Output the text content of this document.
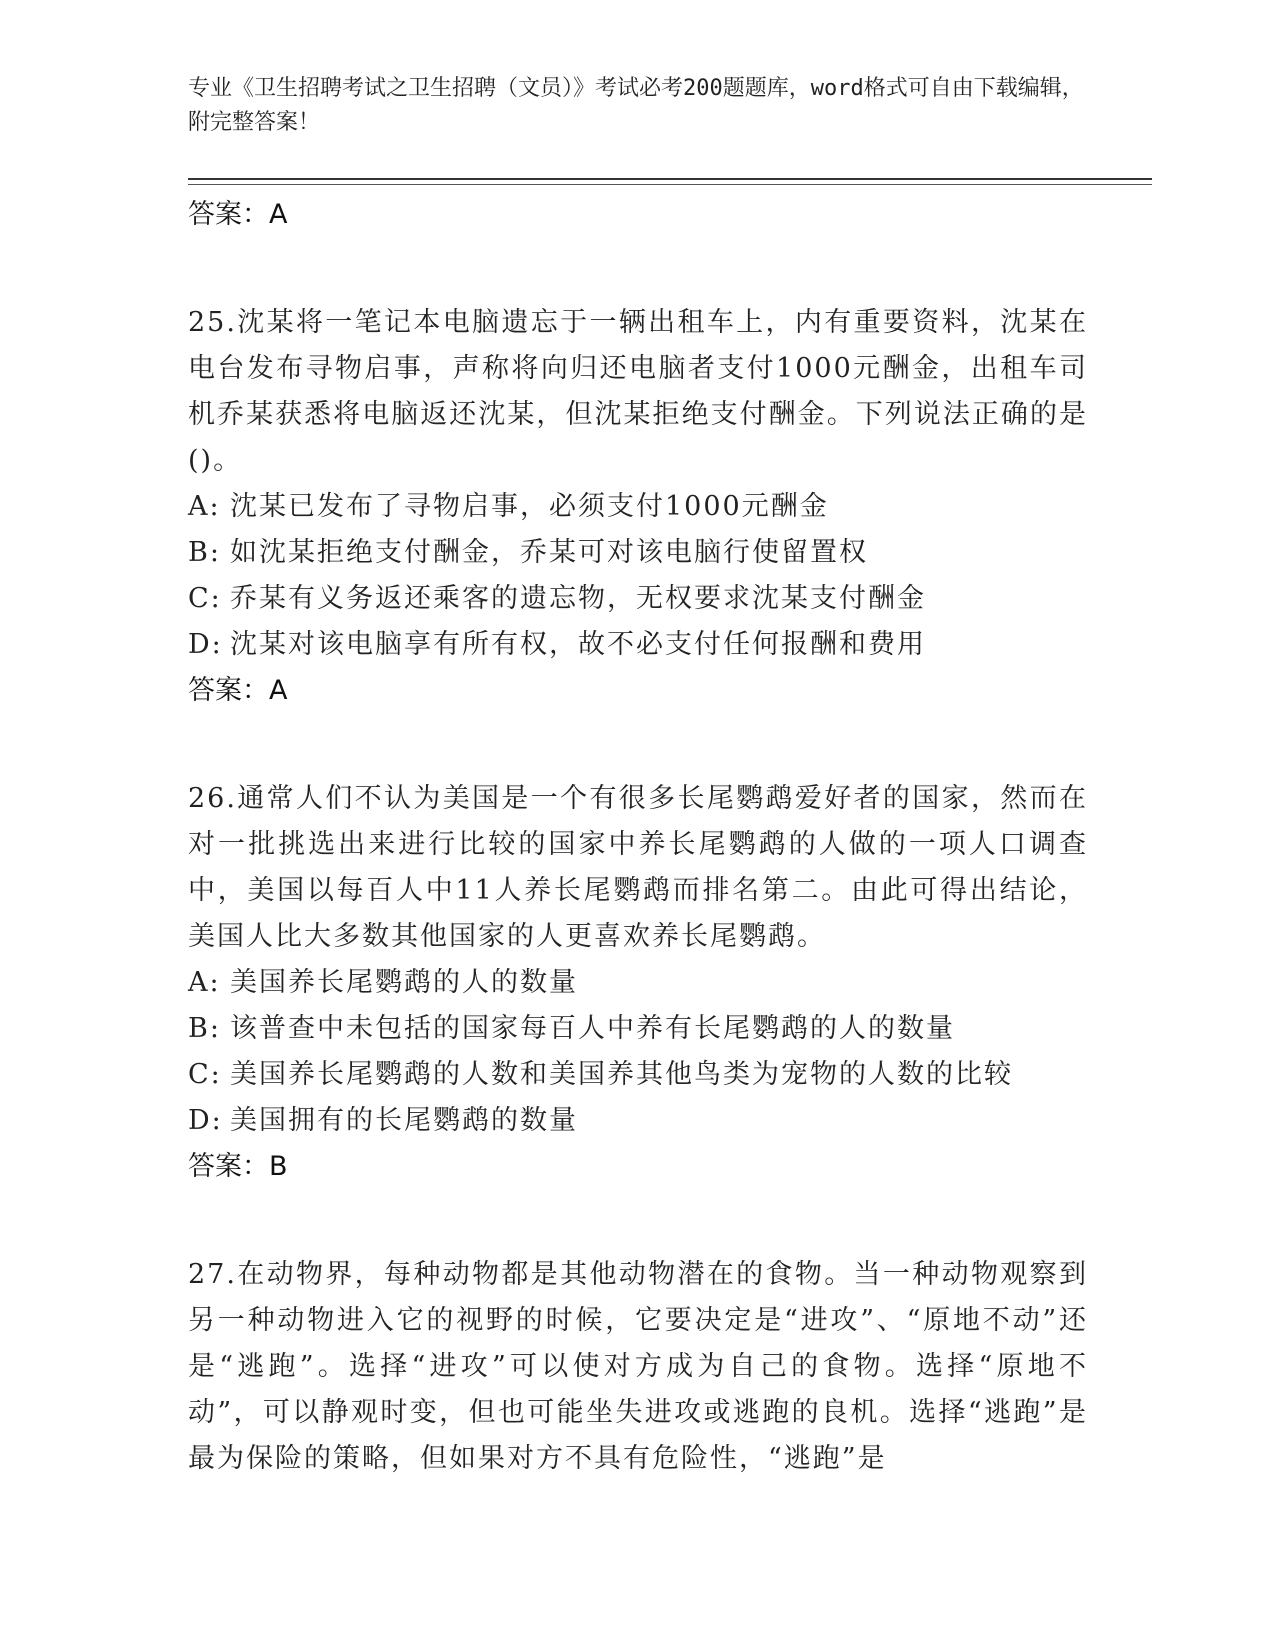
专业《卫生招聘考试之卫生招聘（文员）》考试必考200题题库，word格式可自由下载编辑，附完整答案！
答案：A
25.沈某将一笔记本电脑遗忘于一辆出租车上，内有重要资料，沈某在电台发布寻物启事，声称将向归还电脑者支付1000元酬金，出租车司机乔某获悉将电脑返还沈某，但沈某拒绝支付酬金。下列说法正确的是()。
A: 沈某已发布了寻物启事，必须支付1000元酬金
B: 如沈某拒绝支付酬金，乔某可对该电脑行使留置权
C: 乔某有义务返还乘客的遗忘物，无权要求沈某支付酬金
D: 沈某对该电脑享有所有权，故不必支付任何报酬和费用
答案：A
26.通常人们不认为美国是一个有很多长尾鹦鹉爱好者的国家，然而在对一批挑选出来进行比较的国家中养长尾鹦鹉的人做的一项人口调查中，美国以每百人中11人养长尾鹦鹉而排名第二。由此可得出结论，美国人比大多数其他国家的人更喜欢养长尾鹦鹉。
A: 美国养长尾鹦鹉的人的数量
B: 该普查中未包括的国家每百人中养有长尾鹦鹉的人的数量
C: 美国养长尾鹦鹉的人数和美国养其他鸟类为宠物的人数的比较
D: 美国拥有的长尾鹦鹉的数量
答案：B
27.在动物界，每种动物都是其他动物潜在的食物。当一种动物观察到另一种动物进入它的视野的时候，它要决定是“进攻”、“原地不动”还是“逃跑”。选择“进攻”可以使对方成为自己的食物。选择“原地不动”，可以静观时变，但也可能坐失进攻或逃跑的良机。选择“逃跑”是最为保险的策略，但如果对方不具有危险性，“逃跑”是
